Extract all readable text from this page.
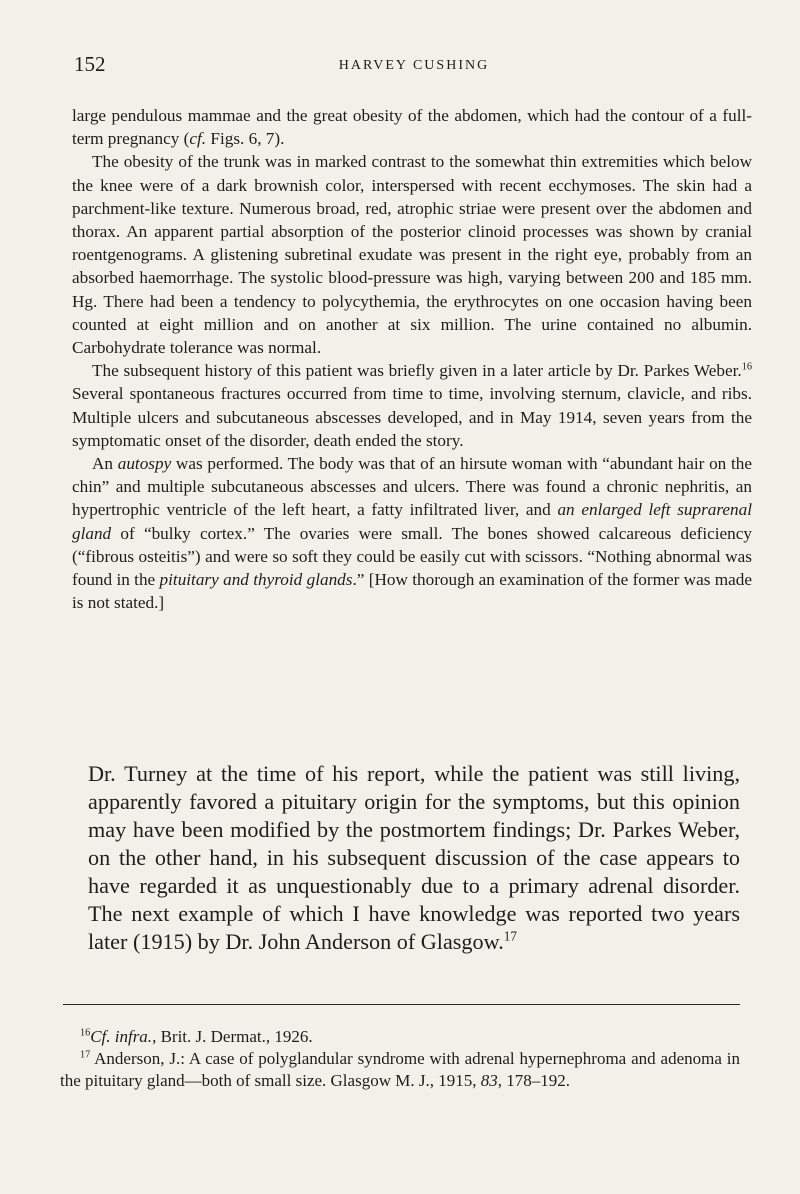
152	HARVEY CUSHING

large pendulous mammae and the great obesity of the abdomen, which had the contour of a full-term pregnancy (cf. Figs. 6, 7).

The obesity of the trunk was in marked contrast to the somewhat thin extremities which below the knee were of a dark brownish color, interspersed with recent ecchymoses. The skin had a parchment-like texture. Numerous broad, red, atrophic striae were present over the abdomen and thorax. An apparent partial absorption of the posterior clinoid processes was shown by cranial roentgenograms. A glistening subretinal exudate was present in the right eye, probably from an absorbed haemorrhage. The systolic blood-pressure was high, varying between 200 and 185 mm. Hg. There had been a tendency to polycythemia, the erythrocytes on one occasion having been counted at eight million and on another at six million. The urine contained no albumin. Carbohydrate tolerance was normal.

The subsequent history of this patient was briefly given in a later article by Dr. Parkes Weber.$^{16}$ Several spontaneous fractures occurred from time to time, involving sternum, clavicle, and ribs. Multiple ulcers and subcutaneous abscesses developed, and in May 1914, seven years from the symptomatic onset of the disorder, death ended the story.

An autospy was performed. The body was that of an hirsute woman with “abundant hair on the chin” and multiple subcutaneous abscesses and ulcers. There was found a chronic nephritis, an hypertrophic ventricle of the left heart, a fatty infiltrated liver, and an enlarged left suprarenal gland of “bulky cortex.” The ovaries were small. The bones showed calcareous deficiency (“fibrous osteitis”) and were so soft they could be easily cut with scissors. “Nothing abnormal was found in the pituitary and thyroid glands.” [How thorough an examination of the former was made is not stated.]

Dr. Turney at the time of his report, while the patient was still living, apparently favored a pituitary origin for the symptoms, but this opinion may have been modified by the postmortem findings; Dr. Parkes Weber, on the other hand, in his subsequent discussion of the case appears to have regarded it as unquestionably due to a primary adrenal disorder. The next example of which I have knowledge was reported two years later (1915) by Dr. John Anderson of Glasgow.$^{17}$

$^{16}$Cf. infra., Brit. J. Dermat., 1926.

$^{17}$ Anderson, J.: A case of polyglandular syndrome with adrenal hypernephroma and adenoma in the pituitary gland—both of small size. Glasgow M. J., 1915, 83, 178–192.
